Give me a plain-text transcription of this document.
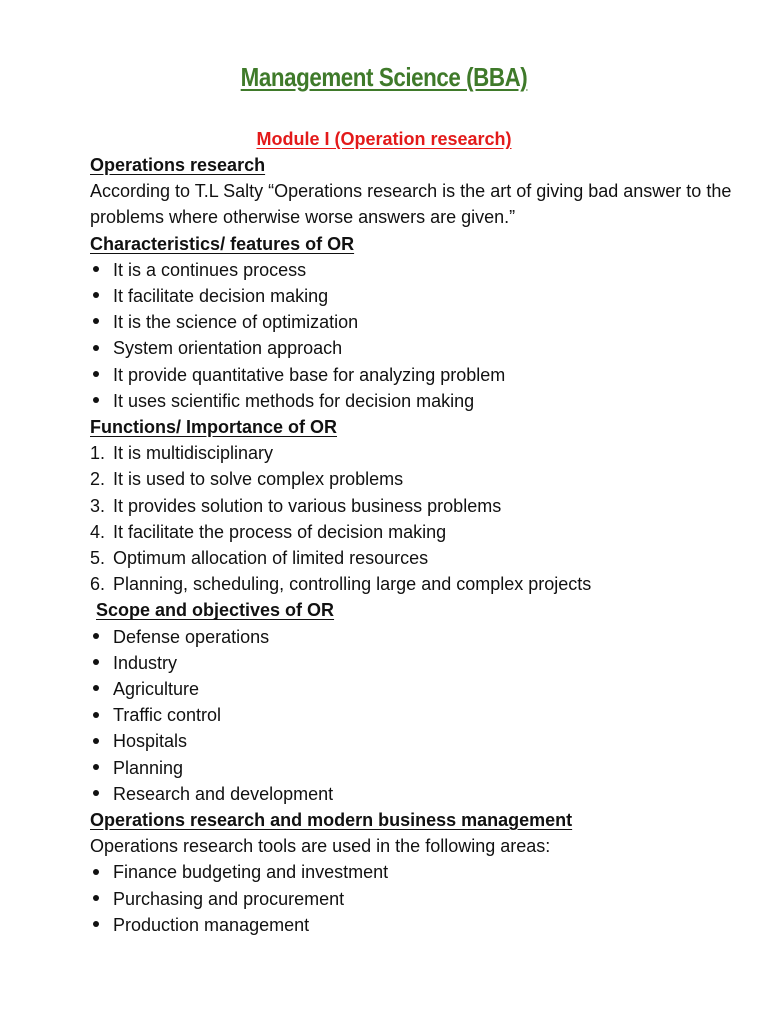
Management Science (BBA)
Module I (Operation research)
Operations research
According to T.L Salty “Operations research is the art of giving bad answer to the problems where otherwise worse answers are given.”
Characteristics/ features of OR
It is a continues process
It facilitate decision making
It is the science of optimization
System orientation approach
It provide quantitative base for analyzing problem
It uses scientific methods for decision making
Functions/ Importance of OR
1. It is multidisciplinary
2. It is used to solve complex problems
3. It provides solution to various business problems
4. It facilitate the process of decision making
5. Optimum allocation of limited resources
6. Planning, scheduling, controlling large and complex projects
Scope and objectives of OR
Defense operations
Industry
Agriculture
Traffic control
Hospitals
Planning
Research and development
Operations research and modern business management
Operations research tools are used in the following areas:
Finance budgeting and investment
Purchasing and procurement
Production management
